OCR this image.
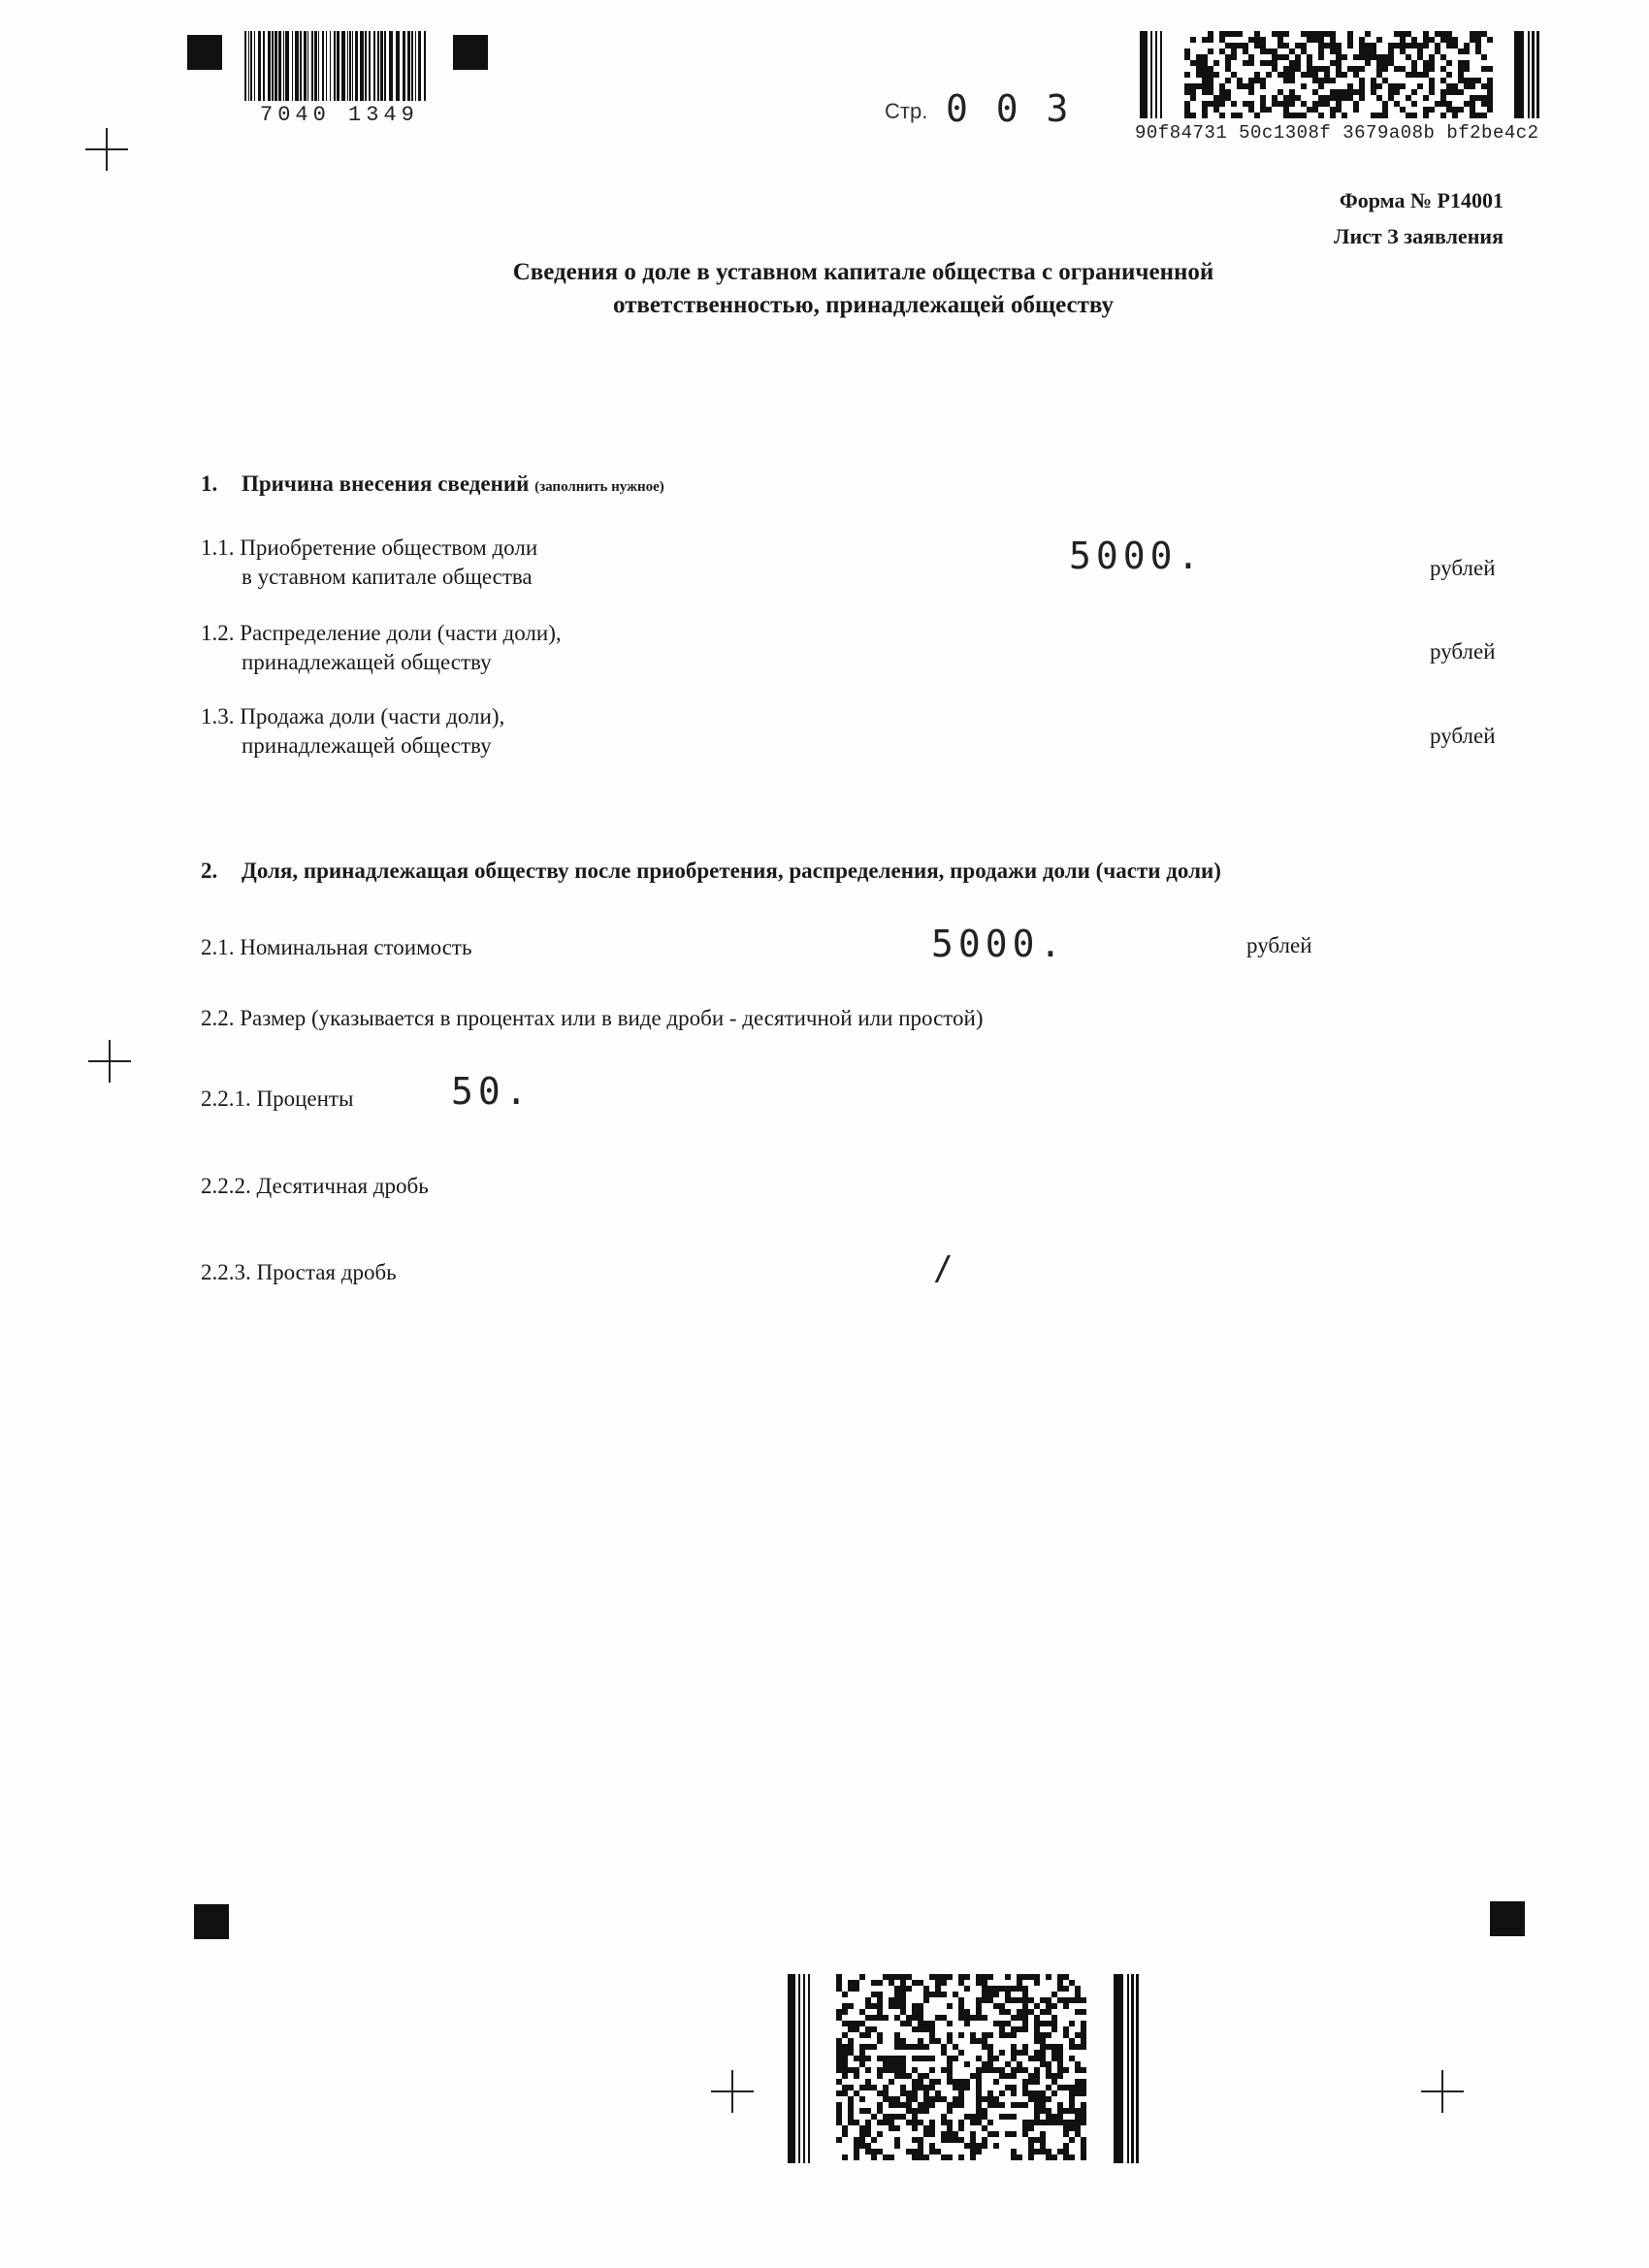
7040 1349	Стр. 0 0 3
90f84731 50c1308f 3679a08b bf2be4c2
Форма № Р14001
Лист З заявления
Сведения о доле в уставном капитале общества с ограниченной
ответственностью, принадлежащей обществу
1. Причина внесения сведений (заполнить нужное)
1.1. Приобретение обществом доли
в уставном капитале общества	5000.	рублей
1.2. Распределение доли (части доли),
принадлежащей обществу	рублей
1.3. Продажа доли (части доли),
принадлежащей обществу	рублей
2. Доля, принадлежащая обществу после приобретения, распределения, продажи доли (части доли)
2.1. Номинальная стоимость	5000.	рублей
2.2. Размер (указывается в процентах или в виде дроби - десятичной или простой)
2.2.1. Проценты	50.
2.2.2. Десятичная дробь
2.2.3. Простая дробь	/
